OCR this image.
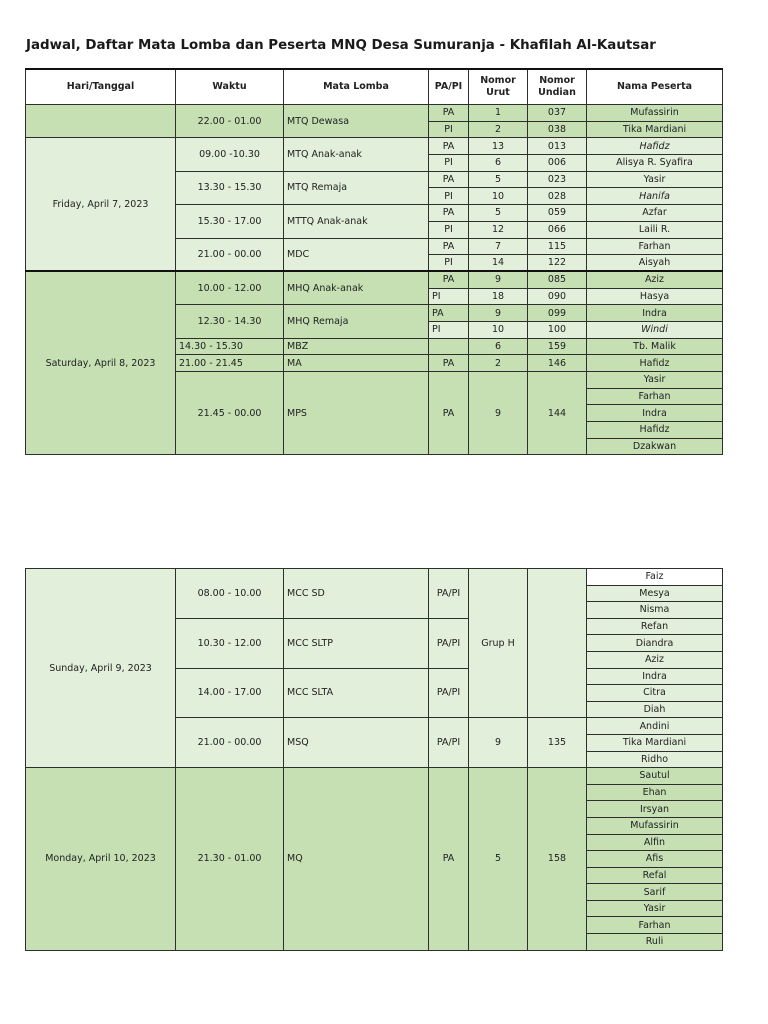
Jadwal, Daftar Mata Lomba dan Peserta MNQ Desa Sumuranja - Khafilah Al-Kautsar
Hari/Tanggal	Waktu	Mata Lomba	PA/PI	Nomor Urut	Nomor Undian	Nama Peserta
	22.00 - 01.00	MTQ Dewasa	PA	1	037	Mufassirin
			PI	2	038	Tika Mardiani
Friday, April 7, 2023	09.00 -10.30	MTQ Anak-anak	PA	13	013	Hafidz
			PI	6	006	Alisya R. Syafira
	13.30 - 15.30	MTQ Remaja	PA	5	023	Yasir
			PI	10	028	Hanifa
	15.30 - 17.00	MTTQ Anak-anak	PA	5	059	Azfar
			PI	12	066	Laili R.
	21.00 - 00.00	MDC	PA	7	115	Farhan
			PI	14	122	Aisyah
Saturday, April 8, 2023	10.00 - 12.00	MHQ Anak-anak	PA	9	085	Aziz
			PI	18	090	Hasya
	12.30 - 14.30	MHQ Remaja	PA	9	099	Indra
			PI	10	100	Windi
	14.30 - 15.30	MBZ		6	159	Tb. Malik
	21.00 - 21.45	MA	PA	2	146	Hafidz
	21.45 - 00.00	MPS	PA	9	144	Yasir
						Farhan
						Indra
						Hafidz
						Dzakwan
Sunday, April 9, 2023	08.00 - 10.00	MCC SD	PA/PI	Grup H		Faiz
						Mesya
						Nisma
	10.30 - 12.00	MCC SLTP	PA/PI			Refan
						Diandra
						Aziz
	14.00 - 17.00	MCC SLTA	PA/PI			Indra
						Citra
						Diah
	21.00 - 00.00	MSQ	PA/PI	9	135	Andini
						Tika Mardiani
						Ridho
Monday, April 10, 2023	21.30 - 01.00	MQ	PA	5	158	Sautul
						Ehan
						Irsyan
						Mufassirin
						Alfin
						Afis
						Refal
						Sarif
						Yasir
						Farhan
						Ruli
